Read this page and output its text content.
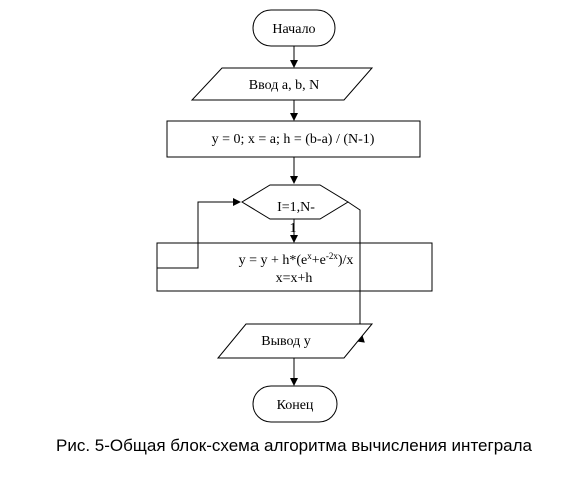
Начало
Ввод a, b, N
y = 0; x = a; h = (b-a) / (N-1)
I=1,N-
1
$y = y + h*(e^x+e^{-2x})/x$
x=x+h
Вывод y
Конец
Рис. 5-Общая блок-схема алгоритма вычисления интеграла
